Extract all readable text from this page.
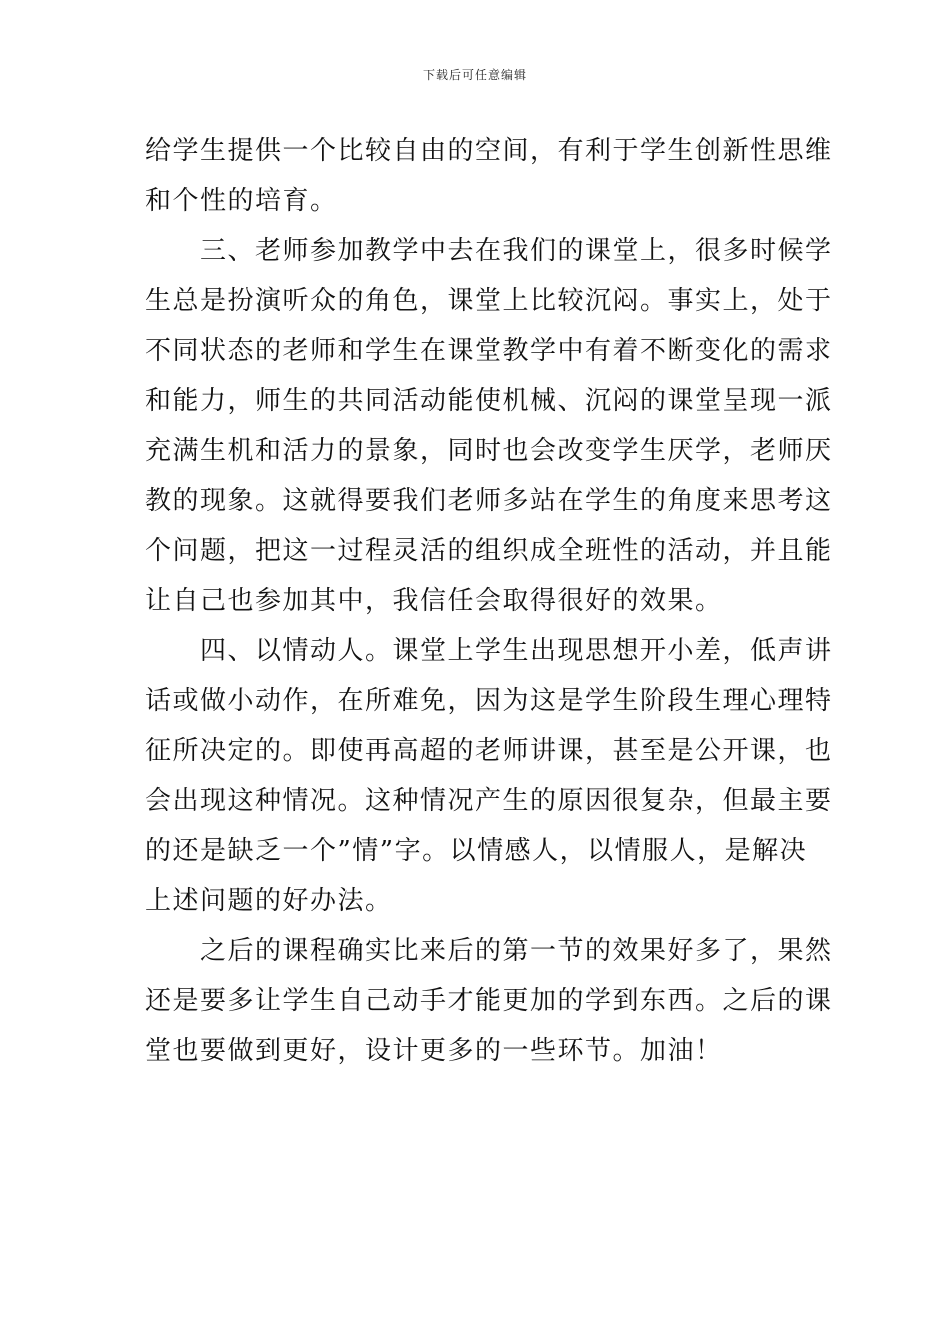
下载后可任意编辑
给学生提供一个比较自由的空间，有利于学生创新性思维
和个性的培育。
　　三、老师参加教学中去在我们的课堂上，很多时候学
生总是扮演听众的角色，课堂上比较沉闷。事实上，处于
不同状态的老师和学生在课堂教学中有着不断变化的需求
和能力，师生的共同活动能使机械、沉闷的课堂呈现一派
充满生机和活力的景象，同时也会改变学生厌学，老师厌
教的现象。这就得要我们老师多站在学生的角度来思考这
个问题，把这一过程灵活的组织成全班性的活动，并且能
让自己也参加其中，我信任会取得很好的效果。
　　四、以情动人。课堂上学生出现思想开小差，低声讲
话或做小动作，在所难免，因为这是学生阶段生理心理特
征所决定的。即使再高超的老师讲课，甚至是公开课，也
会出现这种情况。这种情况产生的原因很复杂，但最主要
的还是缺乏一个”情”字。以情感人，以情服人，是解决
上述问题的好办法。
　　之后的课程确实比来后的第一节的效果好多了，果然
还是要多让学生自己动手才能更加的学到东西。之后的课
堂也要做到更好，设计更多的一些环节。加油！
